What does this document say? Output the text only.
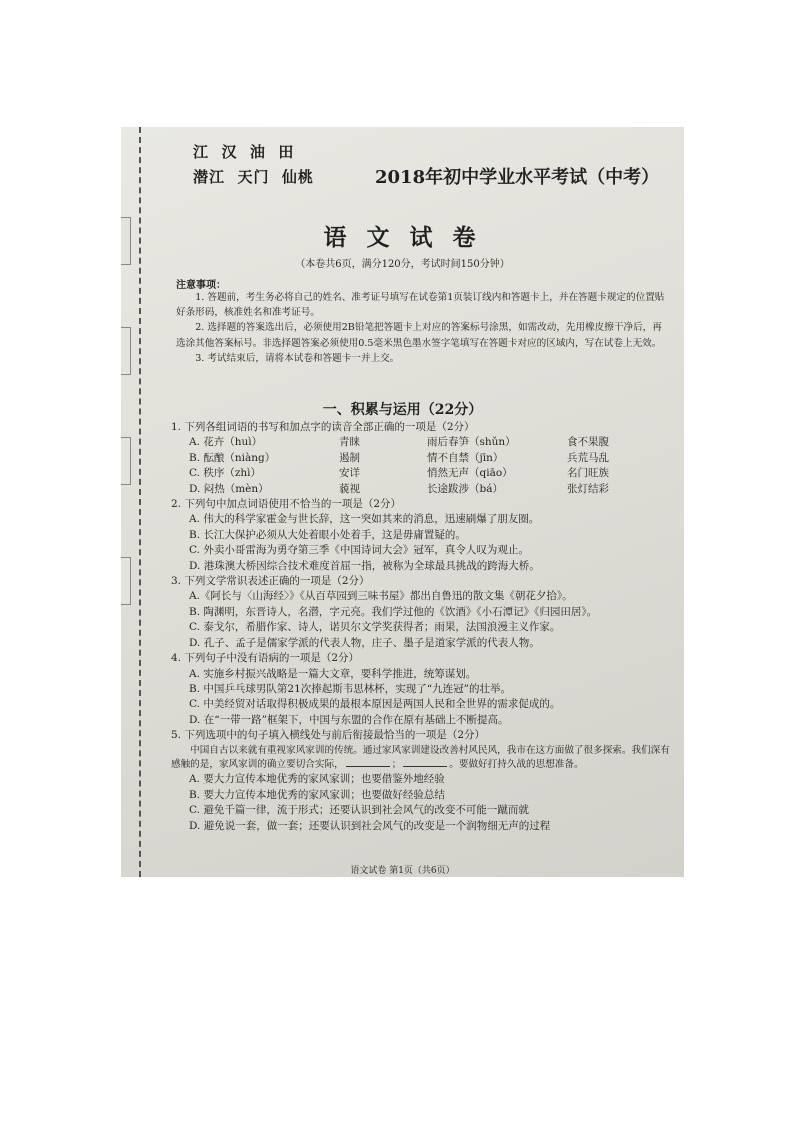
江  汉  油  田
潜江  天门  仙桃	2018年初中学业水平考试（中考）
语 文 试 卷
（本卷共6页，满分120分，考试时间150分钟）
注意事项：

1. 答题前，考生务必将自己的姓名、准考证号填写在试卷第1页装订线内和答题卡上，并在答题卡规定的位置贴好条形码，核准姓名和准考证号。

2. 选择题的答案选出后，必须使用2B铅笔把答题卡上对应的答案标号涂黑，如需改动，先用橡皮擦干净后，再选涂其他答案标号。非选择题答案必须使用0.5毫米黑色墨水签字笔填写在答题卡对应的区域内，写在试卷上无效。

3. 考试结束后，请将本试卷和答题卡一并上交。

一、积累与运用（22分）

1. 下列各组词语的书写和加点字的读音全部正确的一项是（2分）

A. 花卉（huì）	青睐	雨后春笋（shǔn）	食不果腹
B. 酝酿（niàng）	遏制	情不自禁（jīn）	兵荒马乱
C. 秩序（zhì）	安详	悄然无声（qiāo）	名门旺族
D. 闷热（mèn）	藐视	长途跋涉（bá）	张灯结彩

2. 下列句中加点词语使用不恰当的一项是（2分）

A. 伟大的科学家霍金与世长辞，这一突如其来的消息，迅速刷爆了朋友圈。

B. 长江大保护必须从大处着眼小处着手，这是毋庸置疑的。

C. 外卖小哥雷海为勇夺第三季《中国诗词大会》冠军，真令人叹为观止。

D. 港珠澳大桥因综合技术难度首屈一指，被称为全球最具挑战的跨海大桥。

3. 下列文学常识表述正确的一项是（2分）

A.《阿长与〈山海经〉》《从百草园到三味书屋》都出自鲁迅的散文集《朝花夕拾》。

B. 陶渊明，东晋诗人，名潜，字元亮。我们学过他的《饮酒》《小石潭记》《归园田居》。

C. 泰戈尔，希腊作家、诗人，诺贝尔文学奖获得者；雨果，法国浪漫主义作家。

D. 孔子、孟子是儒家学派的代表人物，庄子、墨子是道家学派的代表人物。

4. 下列句子中没有语病的一项是（2分）

A. 实施乡村振兴战略是一篇大文章，要科学推进，统筹谋划。

B. 中国乒乓球男队第21次捧起斯韦思林杯，实现了“九连冠”的壮举。

C. 中美经贸对话取得积极成果的最根本原因是两国人民和全世界的需求促成的。

D. 在“一带一路”框架下，中国与东盟的合作在原有基础上不断提高。

5. 下列选项中的句子填入横线处与前后衔接最恰当的一项是（2分）

中国自古以来就有重视家风家训的传统。通过家风家训建设改善村风民风，我市在这方面做了很多探索。我们深有感触的是，家风家训的确立要切合实际，	；	。要做好打持久战的思想准备。

A. 要大力宣传本地优秀的家风家训；也要借鉴外地经验

B. 要大力宣传本地优秀的家风家训；也要做好经验总结

C. 避免千篇一律，流于形式；还要认识到社会风气的改变不可能一蹴而就

D. 避免说一套，做一套；还要认识到社会风气的改变是一个润物细无声的过程

语文试卷 第1页（共6页）
